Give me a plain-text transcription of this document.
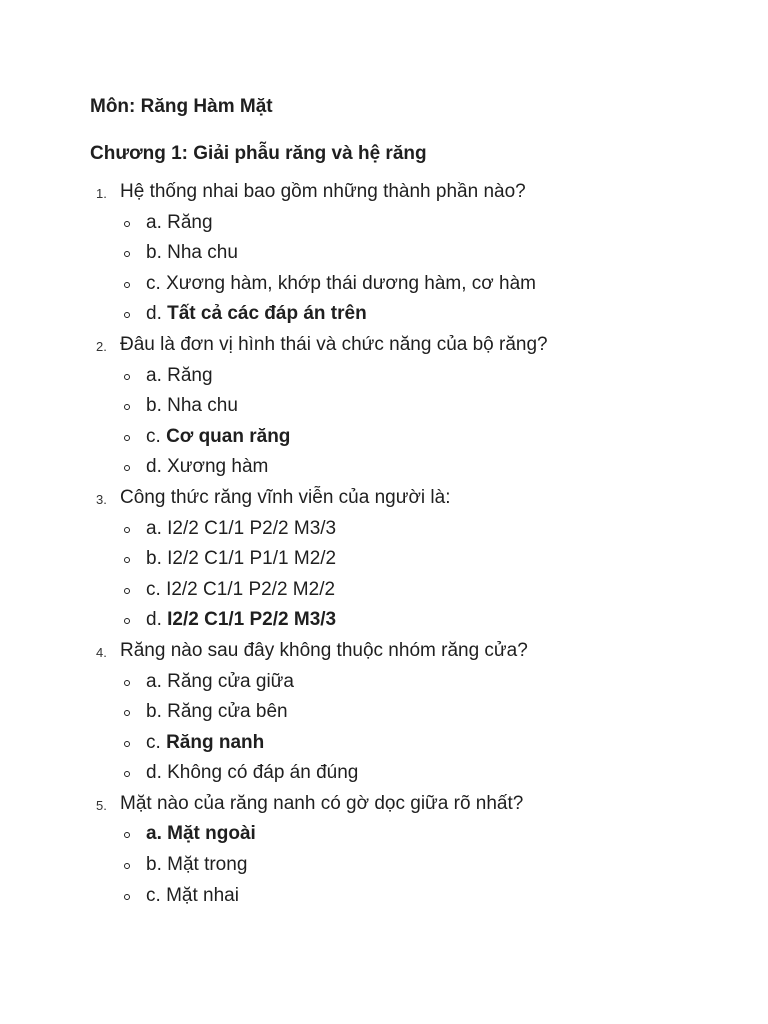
Môn: Răng Hàm Mặt
Chương 1: Giải phẫu răng và hệ răng
1. Hệ thống nhai bao gồm những thành phần nào?
a. Răng
b. Nha chu
c. Xương hàm, khớp thái dương hàm, cơ hàm
d. Tất cả các đáp án trên
2. Đâu là đơn vị hình thái và chức năng của bộ răng?
a. Răng
b. Nha chu
c. Cơ quan răng
d. Xương hàm
3. Công thức răng vĩnh viễn của người là:
a. I2/2 C1/1 P2/2 M3/3
b. I2/2 C1/1 P1/1 M2/2
c. I2/2 C1/1 P2/2 M2/2
d. I2/2 C1/1 P2/2 M3/3
4. Răng nào sau đây không thuộc nhóm răng cửa?
a. Răng cửa giữa
b. Răng cửa bên
c. Răng nanh
d. Không có đáp án đúng
5. Mặt nào của răng nanh có gờ dọc giữa rõ nhất?
a. Mặt ngoài
b. Mặt trong
c. Mặt nhai
